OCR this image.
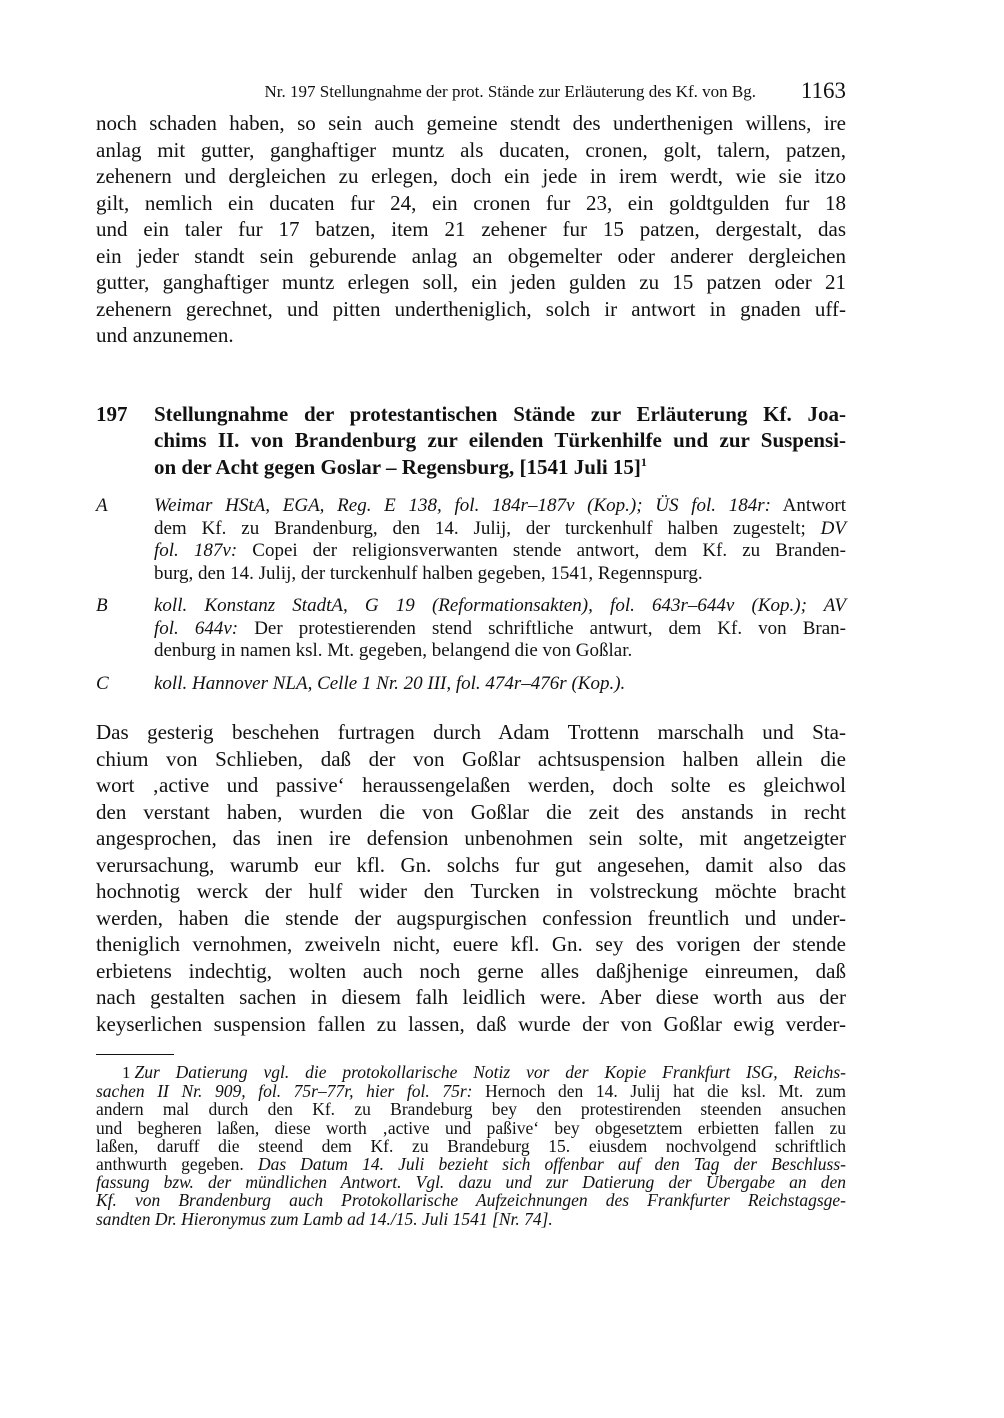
Nr. 197 Stellungnahme der prot. Stände zur Erläuterung des Kf. von Bg. 1163
noch schaden haben, so sein auch gemeine stendt des underthenigen willens, ire
anlag mit gutter, ganghaftiger muntz als ducaten, cronen, golt, talern, patzen,
zehenern und dergleichen zu erlegen, doch ein jede in irem werdt, wie sie itzo
gilt, nemlich ein ducaten fur 24, ein cronen fur 23, ein goldtgulden fur 18
und ein taler fur 17 batzen, item 21 zehener fur 15 patzen, dergestalt, das
ein jeder standt sein geburende anlag an obgemelter oder anderer dergleichen
gutter, ganghaftiger muntz erlegen soll, ein jeden gulden zu 15 patzen oder 21
zehenern gerechnet, und pitten undertheniglich, solch ir antwort in gnaden uff-
und anzunemen.
197	Stellungnahme der protestantischen Stände zur Erläuterung Kf. Joa-
chims II. von Brandenburg zur eilenden Türkenhilfe und zur Suspensi-
on der Acht gegen Goslar – Regensburg, [1541 Juli 15]$^1$
A	Weimar HStA, EGA, Reg. E 138, fol. 184r–187v (Kop.); ÜS fol. 184r: Antwort
dem Kf. zu Brandenburg, den 14. Julij, der turckenhulf halben zugestelt; DV
fol. 187v: Copei der religionsverwanten stende antwort, dem Kf. zu Branden-
burg, den 14. Julij, der turckenhulf halben gegeben, 1541, Regennspurg.
B	koll. Konstanz StadtA, G 19 (Reformationsakten), fol. 643r–644v (Kop.); AV
fol. 644v: Der protestierenden stend schriftliche antwurt, dem Kf. von Bran-
denburg in namen ksl. Mt. gegeben, belangend die von Goßlar.
C	koll. Hannover NLA, Celle 1 Nr. 20 III, fol. 474r–476r (Kop.).
Das gesterig beschehen furtragen durch Adam Trottenn marschalh und Sta-
chium von Schlieben, daß der von Goßlar achtsuspension halben allein die
wort ‚active und passive‘ heraussengelaßen werden, doch solte es gleichwol
den verstant haben, wurden die von Goßlar die zeit des anstands in recht
angesprochen, das inen ire defension unbenohmen sein solte, mit angetzeigter
verursachung, warumb eur kfl. Gn. solchs fur gut angesehen, damit also das
hochnotig werck der hulf wider den Turcken in volstreckung möchte bracht
werden, haben die stende der augspurgischen confession freuntlich und under-
theniglich vernohmen, zweiveln nicht, euere kfl. Gn. sey des vorigen der stende
erbietens indechtig, wolten auch noch gerne alles daßjhenige einreumen, daß
nach gestalten sachen in diesem falh leidlich were. Aber diese worth aus der
keyserlichen suspension fallen zu lassen, daß wurde der von Goßlar ewig verder-
1 Zur Datierung vgl. die protokollarische Notiz vor der Kopie Frankfurt ISG, Reichs-
sachen II Nr. 909, fol. 75r–77r, hier fol. 75r: Hernoch den 14. Julij hat die ksl. Mt. zum
andern mal durch den Kf. zu Brandeburg bey den protestirenden steenden ansuchen
und begheren laßen, diese worth ‚active und paßive‘ bey obgesetztem erbietten fallen zu
laßen, daruff die steend dem Kf. zu Brandeburg 15. eiusdem nochvolgend schriftlich
anthwurth gegeben. Das Datum 14. Juli bezieht sich offenbar auf den Tag der Beschluss-
fassung bzw. der mündlichen Antwort. Vgl. dazu und zur Datierung der Übergabe an den
Kf. von Brandenburg auch Protokollarische Aufzeichnungen des Frankfurter Reichstagsge-
sandten Dr. Hieronymus zum Lamb ad 14./15. Juli 1541 [Nr. 74].
